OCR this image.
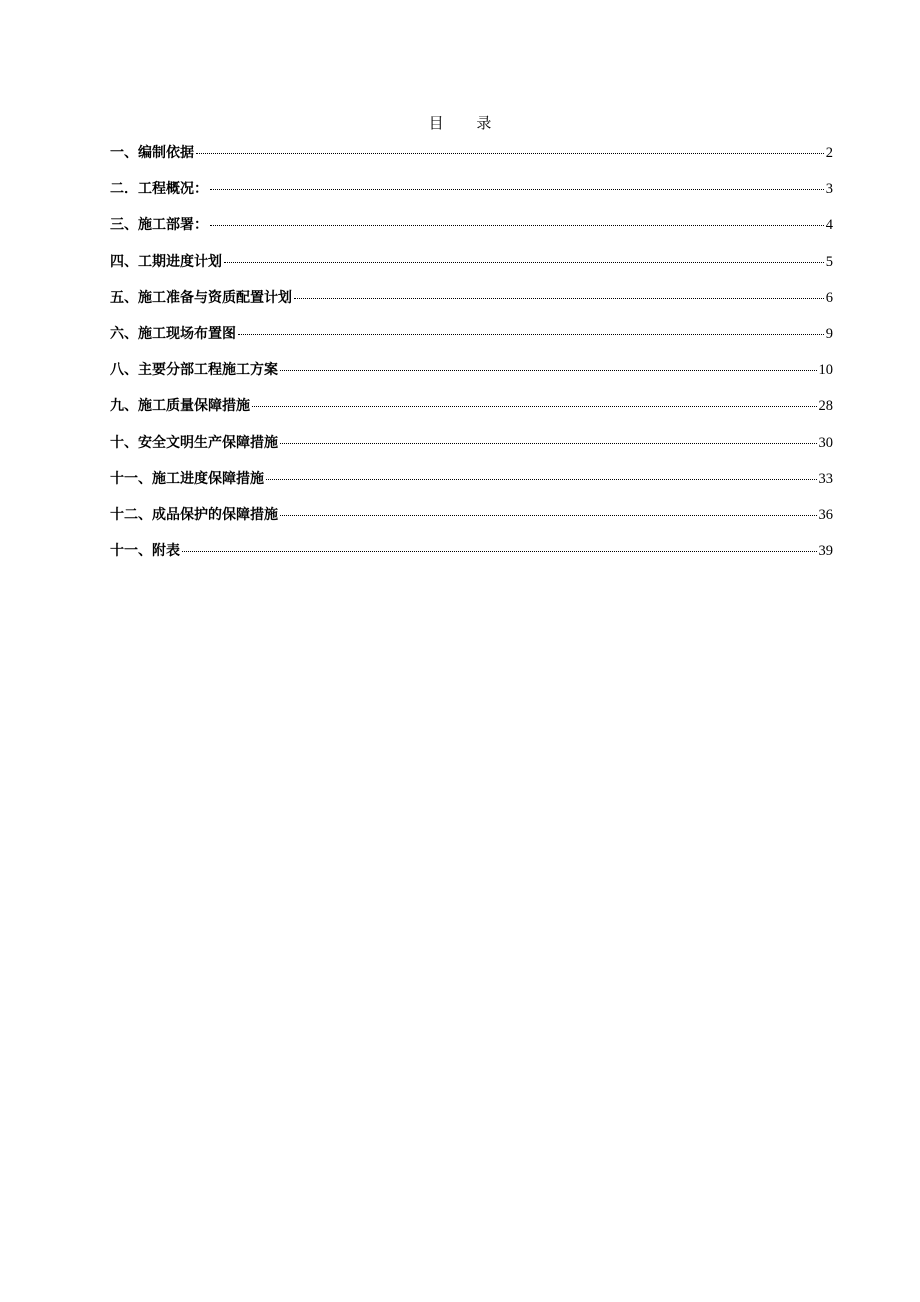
目 录
一、编制依据	2
二．工程概况：	3
三、施工部署：	4
四、工期进度计划	5
五、施工准备与资质配置计划	6
六、施工现场布置图	9
八、主要分部工程施工方案	10
九、施工质量保障措施	28
十、安全文明生产保障措施	30
十一、施工进度保障措施	33
十二、成品保护的保障措施	36
十一、附表	39
